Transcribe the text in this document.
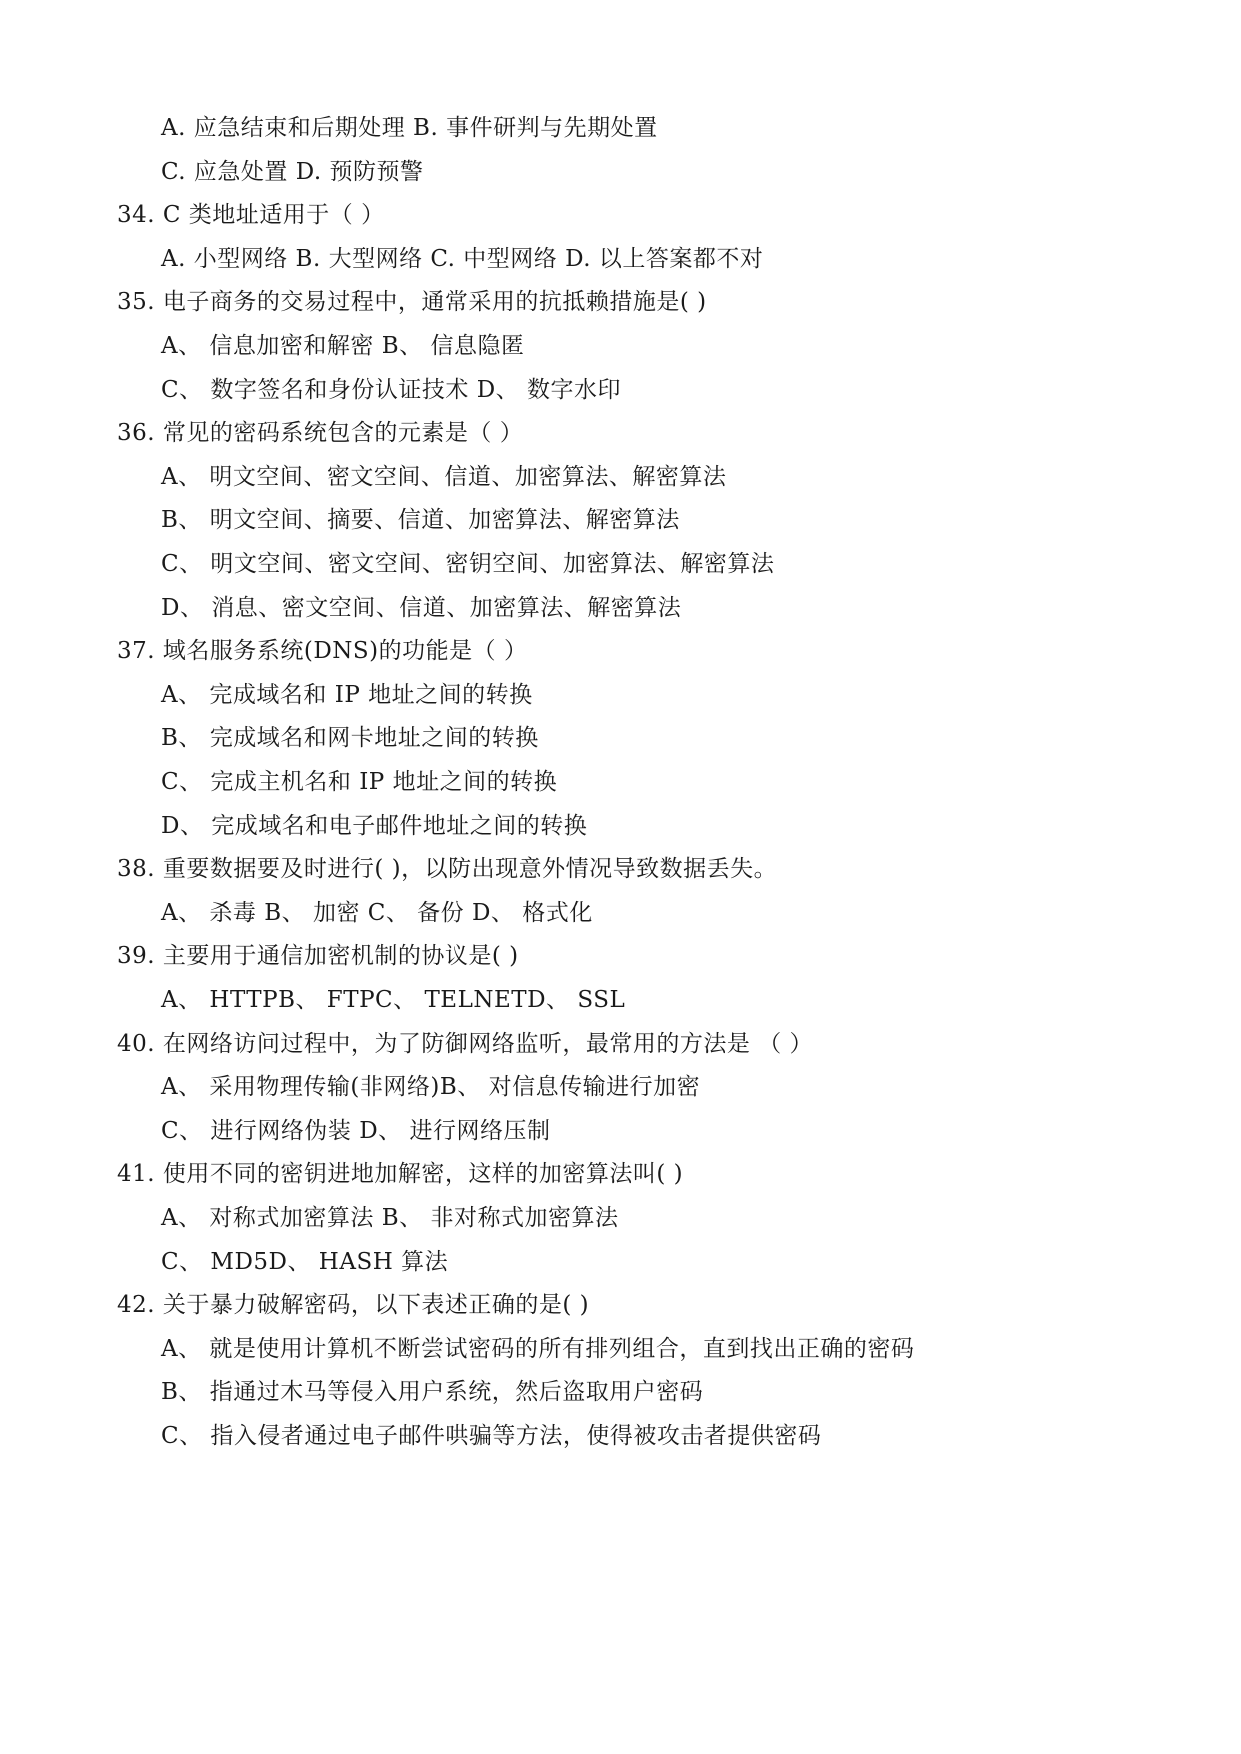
A. 应急结束和后期处理 B. 事件研判与先期处置
C. 应急处置 D. 预防预警
34. C 类地址适用于（ ）
A. 小型网络 B. 大型网络 C. 中型网络 D. 以上答案都不对
35. 电子商务的交易过程中，通常采用的抗抵赖措施是( )
A、 信息加密和解密 B、 信息隐匿
C、 数字签名和身份认证技术 D、 数字水印
36. 常见的密码系统包含的元素是（ ）
A、 明文空间、密文空间、信道、加密算法、解密算法
B、 明文空间、摘要、信道、加密算法、解密算法
C、 明文空间、密文空间、密钥空间、加密算法、解密算法
D、 消息、密文空间、信道、加密算法、解密算法
37. 域名服务系统(DNS)的功能是（ ）
A、 完成域名和 IP 地址之间的转换
B、 完成域名和网卡地址之间的转换
C、 完成主机名和 IP 地址之间的转换
D、 完成域名和电子邮件地址之间的转换
38. 重要数据要及时进行( )，以防出现意外情况导致数据丢失。
A、 杀毒 B、 加密 C、 备份 D、 格式化
39. 主要用于通信加密机制的协议是( )
A、 HTTPB、 FTPC、 TELNETD、 SSL
40. 在网络访问过程中，为了防御网络监听，最常用的方法是 （ ）
A、 采用物理传输(非网络)B、 对信息传输进行加密
C、 进行网络伪装 D、 进行网络压制
41. 使用不同的密钥进地加解密，这样的加密算法叫( )
A、 对称式加密算法 B、 非对称式加密算法
C、 MD5D、 HASH 算法
42. 关于暴力破解密码，以下表述正确的是( )
A、 就是使用计算机不断尝试密码的所有排列组合，直到找出正确的密码
B、 指通过木马等侵入用户系统，然后盗取用户密码
C、 指入侵者通过电子邮件哄骗等方法，使得被攻击者提供密码
